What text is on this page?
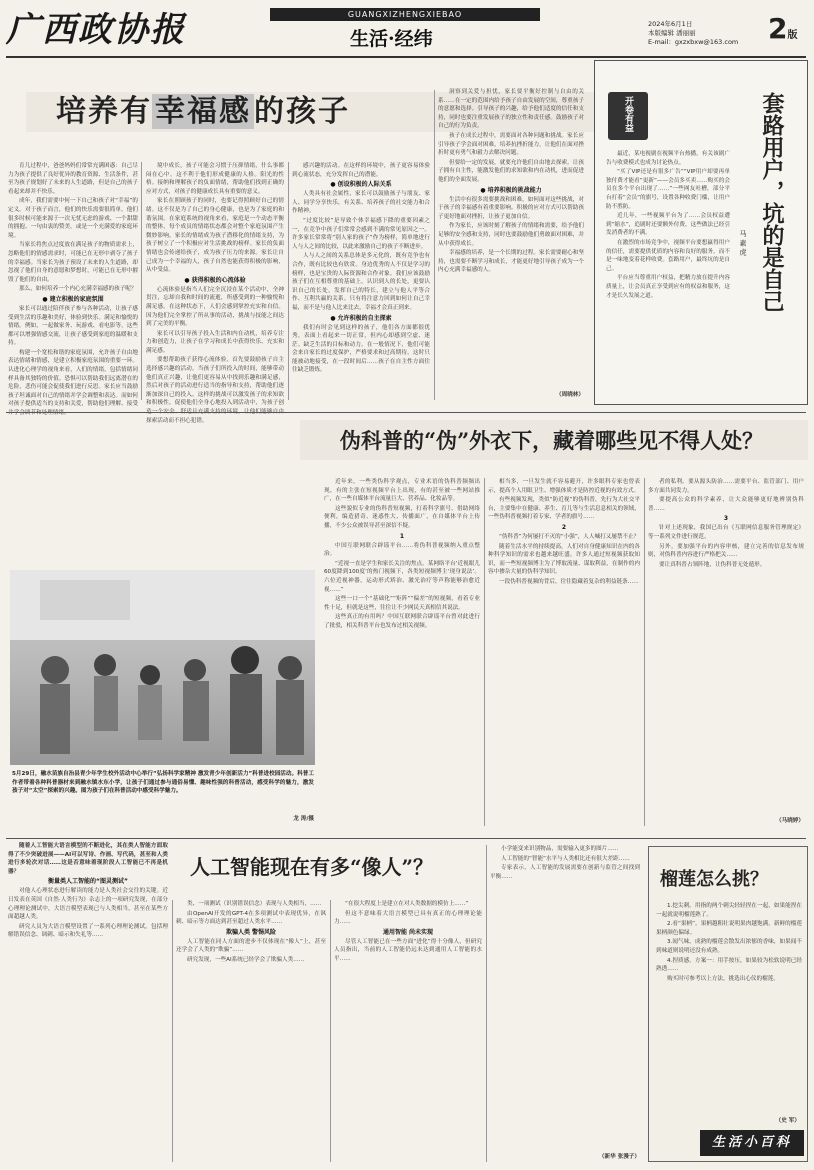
广西政协报	GUANGXIZHENGXIEBAO
生活·经纬
2024年6月1日
本版编辑 潘丽丽
E-mail：gxzxbxw@163.com	2版
培养有 幸福感 的孩子

育儿过程中，爸爸妈妈们常常充满困惑：自己尽力为孩子提供了良好优异的教育资源、生活条件，甚至为孩子规划好了未来的人生道路，但是自己的孩子看起来却并不快乐。

成年，我们需要中何一下自己和孩子对“幸福”的定义。对于孩子而言，他们的快乐需要很简单，他们很多时候可能来源于一次无忧无虑的游戏、一个甜甜的拥抱、一句由衷的赞美。或是一个充满爱的家庭环境。

当家长将焦点过度放在满足孩子的物质需求上，忽略他们的情感需求时，可能已在无形中剥夺了孩子的幸福感。当家长为孩子预设了未来的人生道路，却忽视了他们自身的意愿和梦想时，可能已在无形中摧毁了他们的自由。

那么，如何培养一个内心充满幸福感的孩子呢？

● 建立积极的家庭氛围

家长可以通过陪伴孩子参与各种活动，让孩子感受到生活的乐趣和美好，体验到快乐。满足和愉悦的情绪。例如，一起做家务、玩游戏、看电影等，这些都可以增强情感交流，让孩子感受到家庭的温暖和支持。

构建一个宽松和谐的家庭氛围，允许孩子自由地表达情绪和情感，是建立积极家庭氛围的重要一环。认进化心理学的视角来看，人们的情绪，包括情绪同样具备其独特的价值。恐惧可以帮助我们远离潜在的危险，悲伤可能会促使我们进行反思。家长应当鼓励孩子坦诚面对自己的情绪并学会调整和表达。而如何对孩子提供适当的支持和关爱，帮助他们理解、接受并学会调节和处理情绪。

境中成长，孩子可能会习惯于压抑情绪，什么事都闷在心中，这不利于他们形成健康的人格。阳光的性格。接纳和理解孩子的负面情绪，帮助他们找到正确的应对方式，对孩子的健康成长具有重要的意义。

家长在照顾孩子的同时，也要记得照顾好自己的情绪。这不仅是为了自己的身心健康，也是为了家庭的和谐氛围。在家庭系统的视角来看，家庭是一个动态平衡的整体，每个成员的情绪状态都会对整个家庭氛围产生微妙影响。家长的情绪成为孩子潜移化的情绪支持，为孩子树立了一个积极应对生活挑战的榜样。家长的负面情绪也会传递给孩子，成为孩子压力的来源。家长让自己成为一个幸福的人，孩子自然也能获得积极的影响，从中受益。

● 获得积极的心流体验

心流体验是指当人们完全沉浸在某个活动中，全神贯注，忘却自我和时间的流逝，所感受到的一种愉悦和满足感。在这种状态下，人们会感到掌控充实和自信。因为他们完全掌控了所从事的活动，挑战与技能之间达到了完美的平衡。

家长可以引导孩子投入生活和内在动机，培养专注力和创造力，让孩子在学习和成长中获得快乐、充实和满足感。

要想帮助孩子获得心流体验，首先要鼓励孩子自主选择感兴趣的活动。当孩子们所投入的时间，能够带动他们真正兴趣，让他们更容易从中找到乐趣和满足感，然后对孩子的活动进行适当的指导和支持，帮助他们逐渐加深自己的投入。这样的挑战可以激发孩子的求知欲和积极性，促使他们全身心地投入到活动中，为孩子创造一个安全、舒适且充满支持的环境，让他们能够自由探索活动而不担心犯错。

感兴趣的活动。在这样的环境中，孩子更容易体验到心流状态，充分发挥自己的潜能。

● 创设积极的人际关系

人类具有社会属性，家长可以鼓励孩子与朋友、家人、同学分享快乐，有关系、培养孩子的社交能力和合作精神。

“过度比较”是导致个体幸福感下降的重要因素之一，在竞争中孩子们常常会感到不满的常见原因之一。许多家长常常将“别人家的孩子”作为榜样，简单地进行人与人之间的比较，以此来激励自己的孩子不断进步。

人与人之间的关系总体是多元化的，既有竞争也有合作，既有比较也有欣赏。身边优秀的人不仅是学习的榜样，也是宝贵的人际资源和合作对象。我们应该鼓励孩子们在互相尊重的基础上，认识到人的长处，更要认识自己的长处，发挥自己的特长，建立与他人平等合作、互利共赢的关系。只有将注意力回到如何让自己幸福，而不是与他人比来比去，幸福才会真正到来。

● 允许积极的自主探索

我们有时会见到这样的孩子，他们各方面都很优秀，表面上看起来一切正常，但内心却感到空虚、迷茫。缺乏生活的目标和动力。在一般情况下，他们可能会来自家长的过度保护，严格要求和过高期待，这时只能被动地接受，在一段时间后……孩子在自主性方面往往缺乏锻炼。

洞察到关爱与担忧，家长要平衡好控制与自由的关系……在一定的范围内给予孩子自由发展的空间，尊重孩子的意愿和选择。引导孩子的兴趣，给予他们适度的信任和支持，同时也要注重发展孩子的独立性和责任感。鼓励孩子对自己的行为负责。

孩子在成长过程中，需要面对各种问题和挑战。家长应引导孩子学会面对困难，培养抗挫折能力，让他们在面对挫折时更有勇气和毅力去解决问题。

但要给一定的发展，就要允许他们自由地去探索。让孩子拥有自主性，能激发他们的求知欲和内在动机，进而促进他们的全面发展。

● 培养积极的挑战能力

生活中有很多需要挑战和困难，如何面对这些挑战，对于孩子的幸福感有着重要影响。积极的应对方式可以帮助孩子更好地面对挫折，让孩子更加自信。

作为家长，应该时刻了解孩子的情绪和需要，给予他们足够的安全感和支持，同时也要鼓励他们勇敢面对困难，并从中获得成长。

幸福感的培养，是一个长期的过程。家长需要耐心和坚持，也需要不断学习和成长，才能更好地引导孩子成为一个内心充满幸福感的人。

（周晓林）
开卷有益	套路用户，坑的是自己
马 素 虎

最近，某电视剧在视频平台热播，有关该剧广告与收费模式也成为讨论热点。

“买了VIP还是有很多广告”“VIP用户却要再单独付费才能看“更新”——会员多买卖……购买的会员在多个平台出现了……”一些网友吐槽，部分平台打着“会员”的旗号，设置各种收费门槛，让用户防不胜防。

近几年，一些视频平台为了……会员权益遭到“缩水”，追剧时还要额外付费，这些做法已经引发消费者的不满。

在激烈的市场竞争中，视频平台要想赢得用户的信任，需要提供优质的内容和良好的服务，而不是一味地变着花样收费。套路用户，最终坑的是自己。

平台应当尊重用户权益，把精力放在提升内容质量上，让会员真正享受到应有的权益和服务，这才是长久发展之道。

伪科普的“伪”外衣下，藏着哪些见不得人处？
5月29日，融水苗族自治县青少年学生校外活动中心举行“弘扬科学家精神 激发青少年创新活力”科普进校园活动。科普工作者带着各种科普器材来到融水镇水东小学，让孩子们通过参与通俗易懂、趣味性强的科普活动，感受科学的魅力，激发孩子对“太空”探索的兴趣。图为孩子们在科普活动中感受科学魅力。
龙 涛/摄

近年来，一些类伪科学观点，专业术语的伪科普频频出现，有的主张在短视频平台上出现，有的甚至被一些网站推广，在一些自媒体平台流量巨大、营养品、化妆品等。

这些貌似专业的伪科普短视频，打着科学旗号，借助网络便利，编造猎奇、迷惑性大、传播面广，在自媒体平台上传播，不少公众被误导甚至深信不疑。

1

中国互联网联合辟谣平台……将伪科普视频纳入重点整治。

“近视一直是学生和家长关注的焦点。某网络平台‘近视眼儿60度降到100度’的热门视频下，各类短视频博主‘现身说法’。六位近视神器，运动形式矫治、激光治疗等声称能够治愈近视……”

这些一口一个“基础化”“矩阵”“偏差”的短视频，看着专业性十足，但就是这些，往往让不少网民天真相信其说法。

这些真正的有用吗？中国互联网联合辟谣平台曾对此进行了批驳，相关科普平台也发布过相关视频。

相当多，一旦发生就不容易避开，许多眼科专家也曾表示，提高个人用眼卫生、增强体质才是防控近视的有效方式。

有些视频发现，类似“防近视”的伪科普，先行为大社交平台，主要集中在健康、养生、育儿等与生活息息相关的领域，一些伪科普视频打着专家、学者的旗号……

2

“伪科普”为何屡打不灭的“小强”，人人喊打又屡禁不止？

随着生活水平的持续提高，人们对自身健康知识在内的各种科学知识的需求也越来越旺盛。许多人通过短视频获取知识，而一些短视频博主为了博取流量、谋取利益，在制作的内容中掺杂大量的伪科学知识。

一段伪科普视频的背后，往往隐藏着复杂的利益链条……

者的私利。要从源头防治……需要平台、监管部门、用户多方面共同发力。

要提高公众的科学素养，让大众能够更好地辨别伪科普……

3

针对上述现象，我国已出台《互联网信息服务管理规定》等一系列文件进行规范。

另外，要加强平台的内容审核，建立完善的信息发布规则，对伪科普内容进行严格把关……

要让真科普占领阵地，让伪科普无处遁形。

（马晓婷）
人工智能现在有多“像人”？

随着人工智能大语言模型的不断进化，其在类人智能方面取得了不少突破进展——AI可以写诗、作画、写代码，甚至和人类进行多轮次对话……这是否意味着现阶段人工智能已不再是机器？

衡量类人工智能的“图灵测试”

对他人心理状态进行解读的能力是人类社会交往的关键。近日发表在英国《自然·人类行为》杂志上的一项研究发现，在部分心理理论测试中，大语言模型表现已与人类相当，甚至在某些方面超越人类。

研究人员为大语言模型设置了一系列心理理论测试，包括理解错误信念、讽刺、暗示和失礼等……

类、一项测试（识别错误信念）表现与人类相当，……

由OpenAI开发的GPT-4在多项测试中表现优异，在讽刺、暗示等方面达到甚至超过人类水平……

欺骗人类 警惕风险

人工智能在同人方面的进步不仅体现在“像人”上，甚至还学会了人类的“欺骗”……

研究发现，一些AI系统已经学会了欺骗人类……

“在很大程度上是建立在对人类数据的模仿上……”

但这不意味着大语言模型已具有真正的心理理论能力……

通用智能 尚未实现

尽管人工智能已在一些方面“进化”得十分像人，但研究人员指出，当前的人工智能仍远未达到通用人工智能的水平……

小学能变来识别物品，需要输入更多的图片……

人工智能的“智能”水平与人类相比还有很大差距……

专家表示，人工智能的发展需要在创新与监管之间找到平衡……

（新华 张漫子）
榴莲怎么挑？

1.挖尖刺。用指的两个刺尖轻轻捏在一起，如果能捏在一起就说明榴莲熟了。

2.看“果柄”。果柄越粗壮说明果肉越饱满，新鲜的榴莲果柄颜色偏绿。

3.闻气味。成熟的榴莲会散发出浓郁的香味，如果闻不到味道则说明还没有成熟。

4.捏质感。方案一：用手按压，如果较为松软说明已经熟透……

购买时可参考以上方法，挑选出心仪的榴莲。

（史 军）
生活小百科
